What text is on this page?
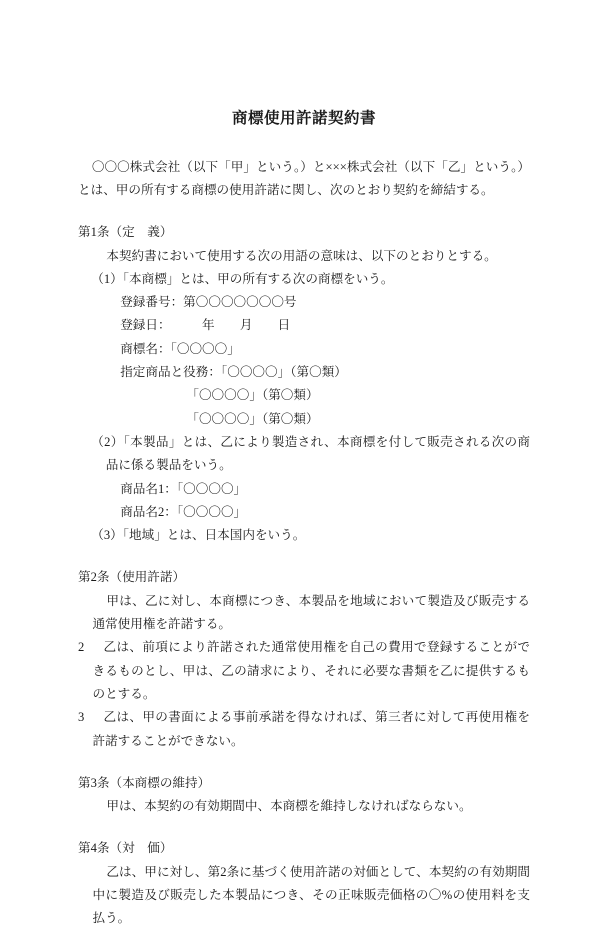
商標使用許諾契約書

〇〇〇株式会社（以下「甲」という。）と×××株式会社（以下「乙」という。）とは、甲の所有する商標の使用許諾に関し、次のとおり契約を締結する。

第1条（定　義）

本契約書において使用する次の用語の意味は、以下のとおりとする。

（1）「本商標」とは、甲の所有する次の商標をいう。

登録番号：第〇〇〇〇〇〇〇号

登録日：　　　年　　月　　日

商標名：「〇〇〇〇」

指定商品と役務：「〇〇〇〇」（第〇類）

「〇〇〇〇」（第〇類）

「〇〇〇〇」（第〇類）

（2）「本製品」とは、乙により製造され、本商標を付して販売される次の商品に係る製品をいう。

商品名1：「〇〇〇〇」

商品名2：「〇〇〇〇」

（3）「地域」とは、日本国内をいう。

第2条（使用許諾）

甲は、乙に対し、本商標につき、本製品を地域において製造及び販売する通常使用権を許諾する。

2 乙は、前項により許諾された通常使用権を自己の費用で登録することができるものとし、甲は、乙の請求により、それに必要な書類を乙に提供するものとする。

3 乙は、甲の書面による事前承諾を得なければ、第三者に対して再使用権を許諾することができない。

第3条（本商標の維持）

甲は、本契約の有効期間中、本商標を維持しなければならない。

第4条（対　価）

乙は、甲に対し、第2条に基づく使用許諾の対価として、本契約の有効期間中に製造及び販売した本製品につき、その正味販売価格の〇%の使用料を支払う。
